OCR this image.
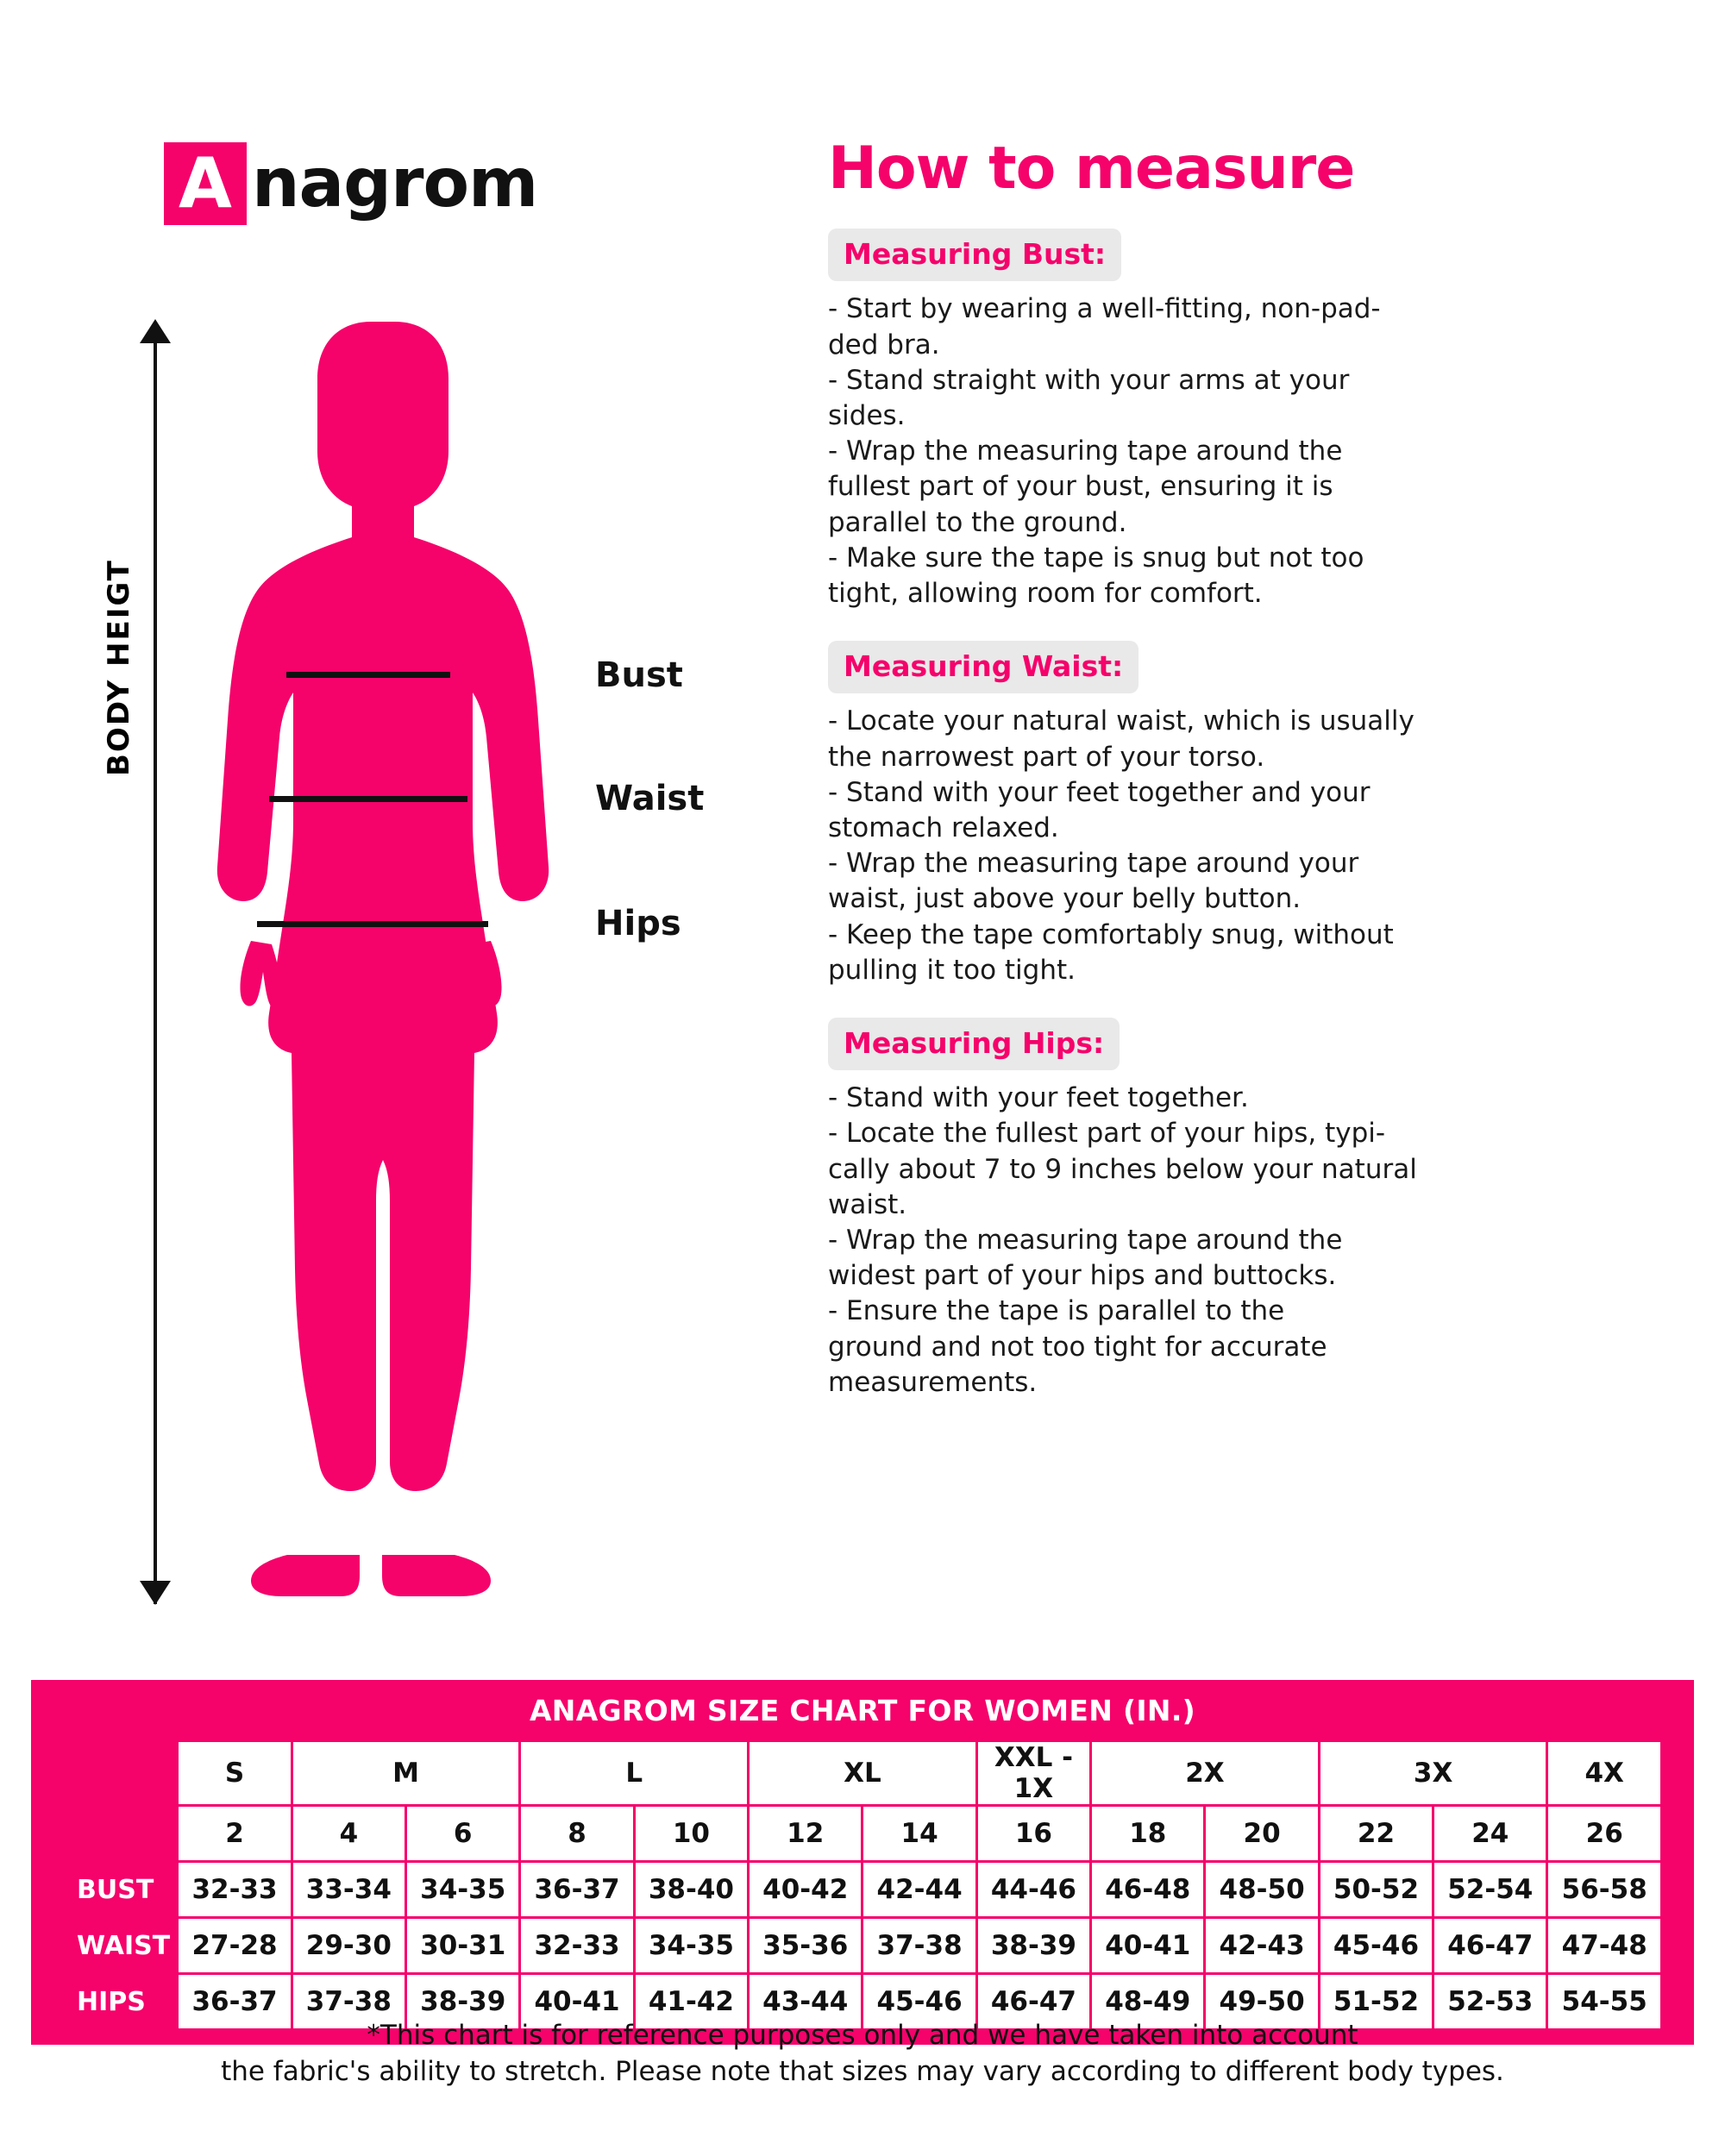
A nagrom
BODY HEIGT	Bust
Waist
Hips
How to measure
Measuring Bust:
- Start by wearing a well-fitting, non-pad-
ded bra.
- Stand straight with your arms at your
sides.
- Wrap the measuring tape around the
fullest part of your bust, ensuring it is
parallel to the ground.
- Make sure the tape is snug but not too
tight, allowing room for comfort.
Measuring Waist:
- Locate your natural waist, which is usually
the narrowest part of your torso.
- Stand with your feet together and your
stomach relaxed.
- Wrap the measuring tape around your
waist, just above your belly button.
- Keep the tape comfortably snug, without
pulling it too tight.
Measuring Hips:
- Stand with your feet together.
- Locate the fullest part of your hips, typi-
cally about 7 to 9 inches below your natural
waist.
- Wrap the measuring tape around the
widest part of your hips and buttocks.
- Ensure the tape is parallel to the
ground and not too tight for accurate
measurements.
ANAGROM SIZE CHART FOR WOMEN (IN.)
	S	M		L		XL		XXL - 1X	2X		3X		4X
	2	4	6	8	10	12	14	16	18	20	22	24	26
BUST	32-33	33-34	34-35	36-37	38-40	40-42	42-44	44-46	46-48	48-50	50-52	52-54	56-58
WAIST	27-28	29-30	30-31	32-33	34-35	35-36	37-38	38-39	40-41	42-43	45-46	46-47	47-48
HIPS	36-37	37-38	38-39	40-41	41-42	43-44	45-46	46-47	48-49	49-50	51-52	52-53	54-55
*This chart is for reference purposes only and we have taken into account
the fabric's ability to stretch. Please note that sizes may vary according to different body types.
